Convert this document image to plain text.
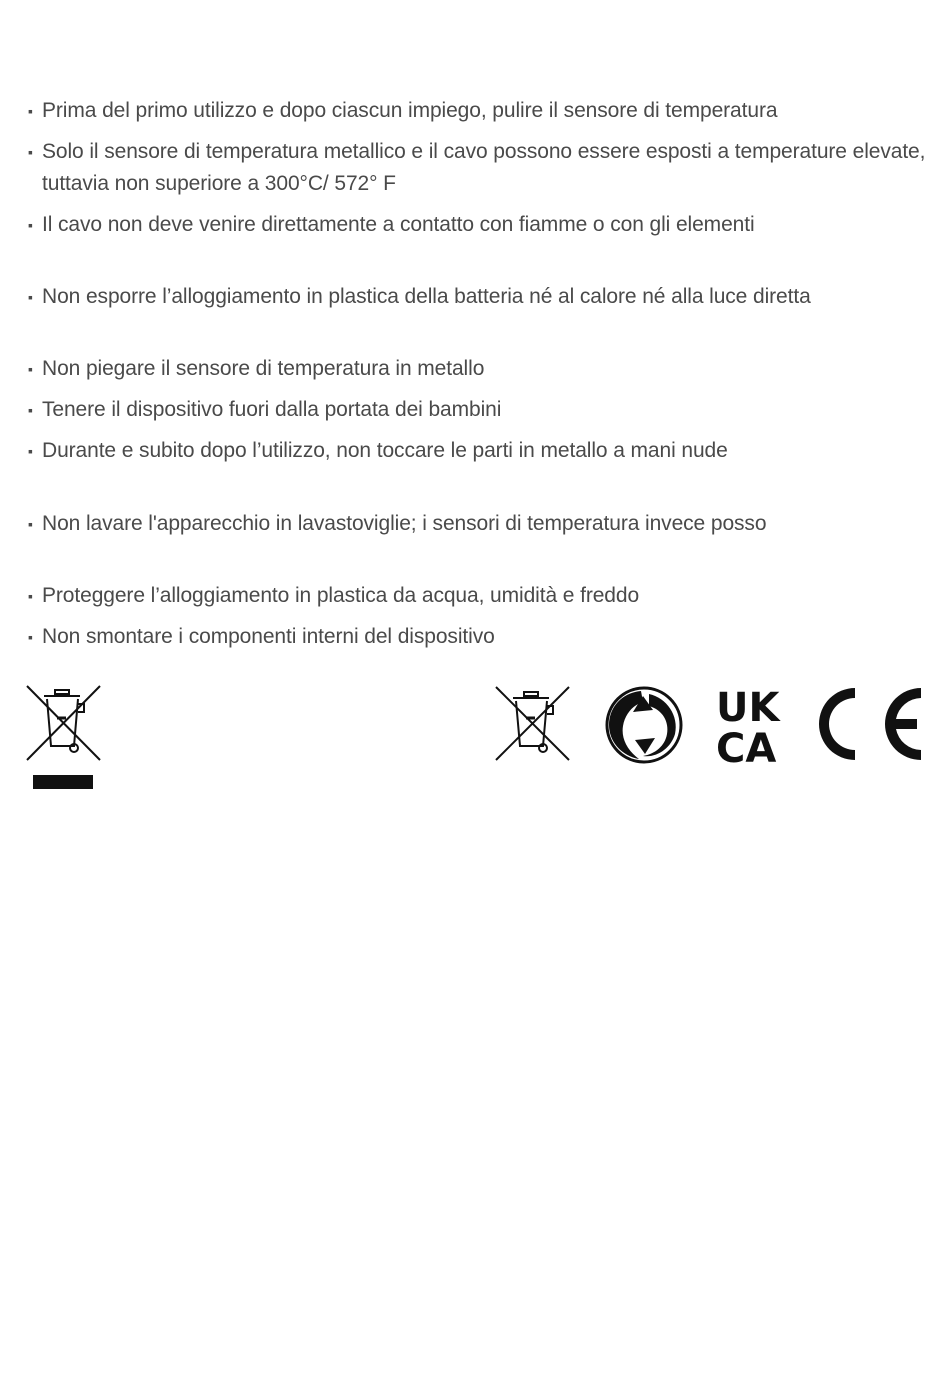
▪ Prima del primo utilizzo e dopo ciascun impiego, pulire il sensore di temperatura
▪ Solo il sensore di temperatura metallico e il cavo possono essere esposti a temperature elevate, tuttavia non superiore a 300°C/ 572° F
▪ Il cavo non deve venire direttamente a contatto con fiamme o con gli elementi
▪ Non esporre l’alloggiamento in plastica della batteria né al calore né alla luce diretta
▪ Non piegare il sensore di temperatura in metallo
▪ Tenere il dispositivo fuori dalla portata dei bambini
▪ Durante e subito dopo l’utilizzo, non toccare le parti in metallo a mani nude
▪ Non lavare l'apparecchio in lavastoviglie; i sensori di temperatura invece posso
▪ Proteggere l’alloggiamento in plastica da acqua, umidità e freddo
▪ Non smontare i componenti interni del dispositivo
UK
CA
